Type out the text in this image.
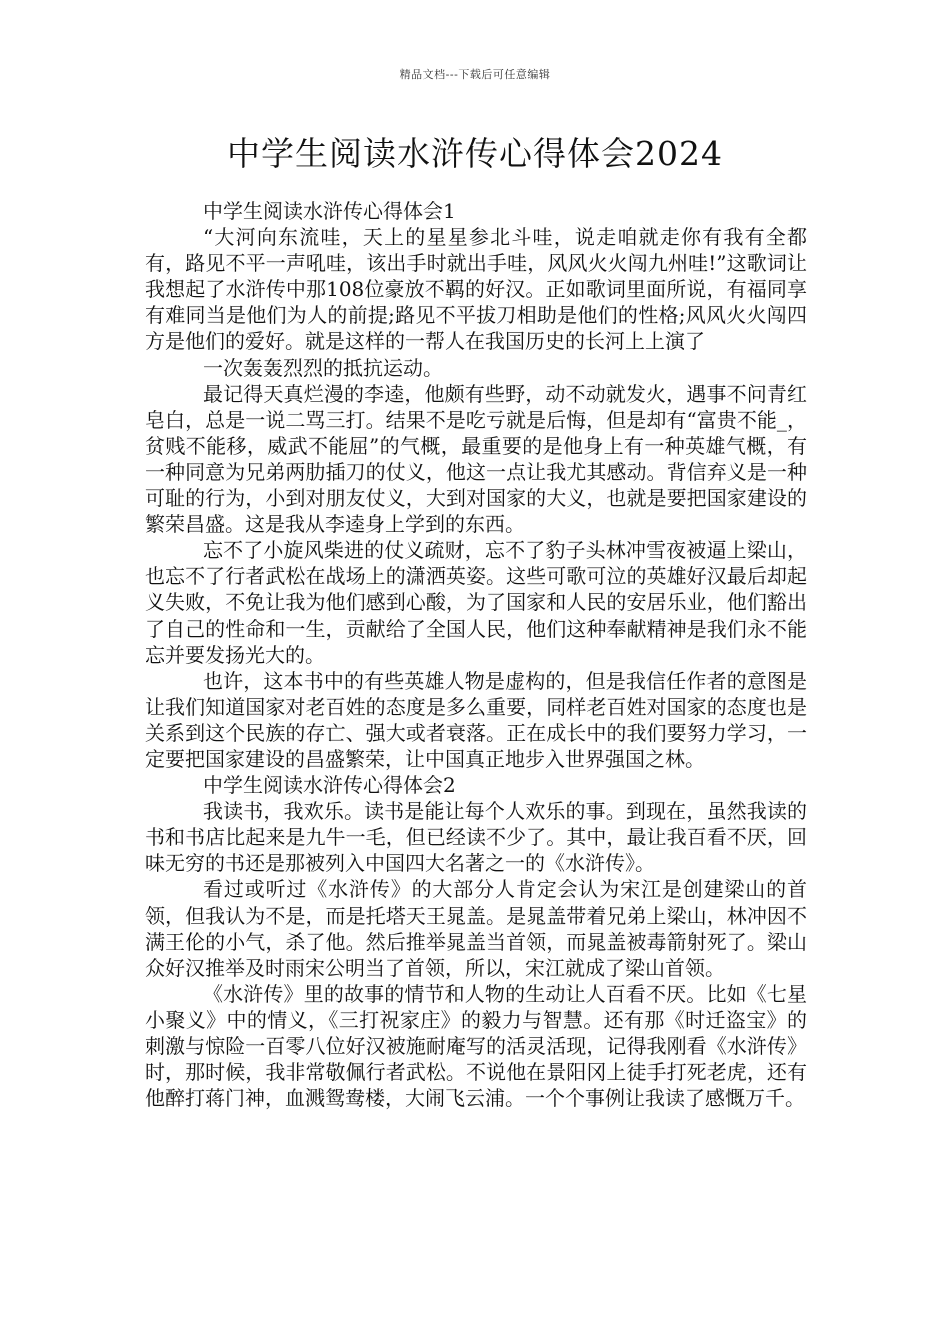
精品文档---下载后可任意编辑
中学生阅读水浒传心得体会2024

中学生阅读水浒传心得体会1

“大河向东流哇，天上的星星参北斗哇，说走咱就走你有我有全都有，路见不平一声吼哇，该出手时就出手哇，风风火火闯九州哇!”这歌词让我想起了水浒传中那108位豪放不羁的好汉。正如歌词里面所说，有福同享有难同当是他们为人的前提;路见不平拔刀相助是他们的性格;风风火火闯四方是他们的爱好。就是这样的一帮人在我国历史的长河上上演了

一次轰轰烈烈的抵抗运动。

最记得天真烂漫的李逵，他颇有些野，动不动就发火，遇事不问青红皂白，总是一说二骂三打。结果不是吃亏就是后悔，但是却有“富贵不能_，贫贱不能移，威武不能屈”的气概，最重要的是他身上有一种英雄气概，有一种同意为兄弟两肋插刀的仗义，他这一点让我尤其感动。背信弃义是一种可耻的行为，小到对朋友仗义，大到对国家的大义，也就是要把国家建设的繁荣昌盛。这是我从李逵身上学到的东西。

忘不了小旋风柴进的仗义疏财，忘不了豹子头林冲雪夜被逼上梁山，也忘不了行者武松在战场上的潇洒英姿。这些可歌可泣的英雄好汉最后却起义失败，不免让我为他们感到心酸，为了国家和人民的安居乐业，他们豁出了自己的性命和一生，贡献给了全国人民，他们这种奉献精神是我们永不能忘并要发扬光大的。

也许，这本书中的有些英雄人物是虚构的，但是我信任作者的意图是让我们知道国家对老百姓的态度是多么重要，同样老百姓对国家的态度也是关系到这个民族的存亡、强大或者衰落。正在成长中的我们要努力学习，一定要把国家建设的昌盛繁荣，让中国真正地步入世界强国之林。

中学生阅读水浒传心得体会2

我读书，我欢乐。读书是能让每个人欢乐的事。到现在，虽然我读的书和书店比起来是九牛一毛，但已经读不少了。其中，最让我百看不厌，回味无穷的书还是那被列入中国四大名著之一的《水浒传》。

看过或听过《水浒传》的大部分人肯定会认为宋江是创建梁山的首领，但我认为不是，而是托塔天王晁盖。是晁盖带着兄弟上梁山，林冲因不满王伦的小气，杀了他。然后推举晁盖当首领，而晁盖被毒箭射死了。梁山众好汉推举及时雨宋公明当了首领，所以，宋江就成了梁山首领。

《水浒传》里的故事的情节和人物的生动让人百看不厌。比如《七星小聚义》中的情义，《三打祝家庄》的毅力与智慧。还有那《时迁盗宝》的刺激与惊险一百零八位好汉被施耐庵写的活灵活现，记得我刚看《水浒传》时，那时候，我非常敬佩行者武松。不说他在景阳冈上徒手打死老虎，还有他醉打蒋门神，血溅鸳鸯楼，大闹飞云浦。一个个事例让我读了感慨万千。
